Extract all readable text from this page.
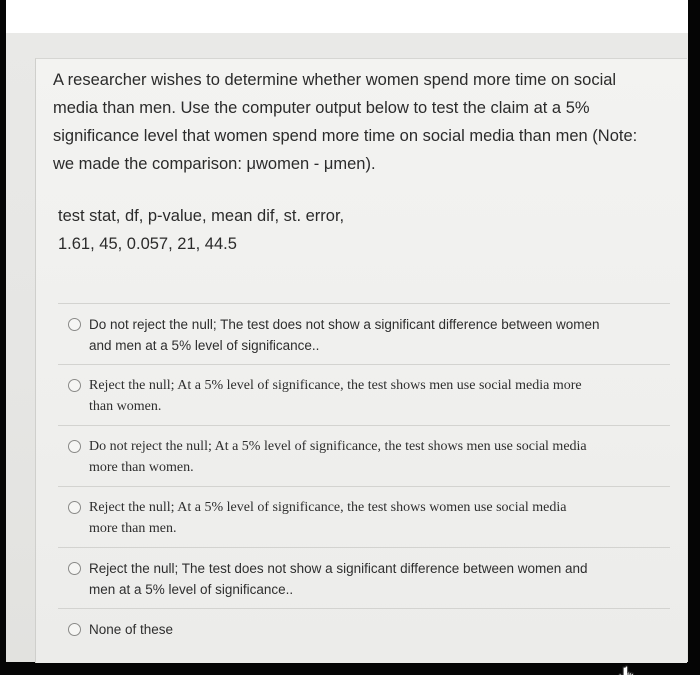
A researcher wishes to determine whether women spend more time on social

media than men. Use the computer output below to test the claim at a 5%

significance level that women spend more time on social media than men (Note:

we made the comparison: μwomen - μmen).

test stat, df, p-value, mean dif, st. error,

1.61, 45, 0.057, 21, 44.5

Do not reject the null; The test does not show a significant difference between women
and men at a 5% level of significance..
Reject the null; At a 5% level of significance, the test shows men use social media more
than women.
Do not reject the null; At a 5% level of significance, the test shows men use social media
more than women.
Reject the null; At a 5% level of significance, the test shows women use social media
more than men.
Reject the null; The test does not show a significant difference between women and
men at a 5% level of significance..
None of these
